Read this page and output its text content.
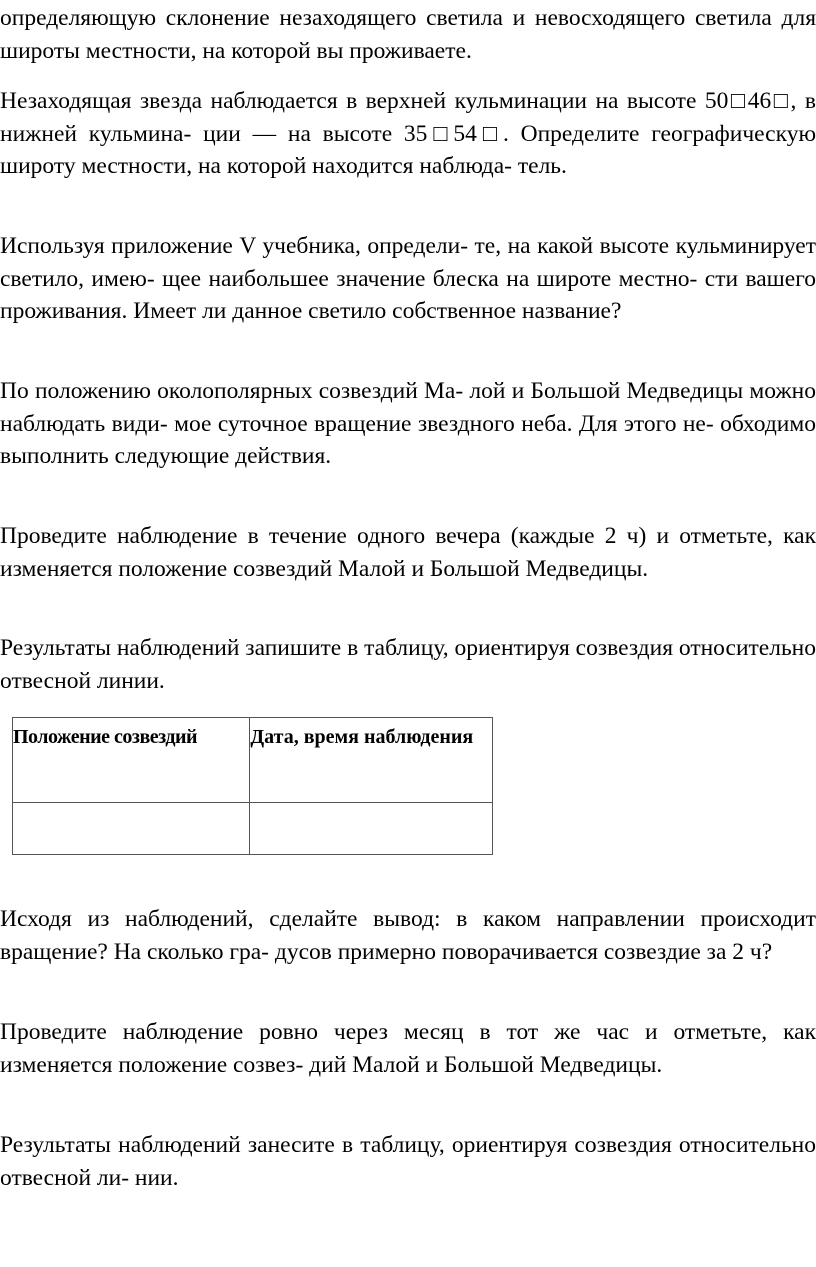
определяющую склонение незаходящего светила и невосходящего светила для широты местности, на которой вы проживаете.

Незаходящая звезда наблюдается в верхней кульминации на высоте 50□46□, в нижней кульмина- ции — на высоте 35□54□. Определите географическую широту местности, на которой находится наблюда- тель.

Используя приложение V учебника, определи- те, на какой высоте кульминирует светило, имею- щее наибольшее значение блеска на широте местно- сти вашего проживания. Имеет ли данное светило собственное название?

По положению околополярных созвездий Ма- лой и Большой Медведицы можно наблюдать види- мое суточное вращение звездного неба. Для этого не- обходимо выполнить следующие действия.

Проведите наблюдение в течение одного вечера (каждые 2 ч) и отметьте, как изменяется положение созвездий Малой и Большой Медведицы.

Результаты наблюдений запишите в таблицу, ориентируя созвездия относительно отвесной линии.

Положение созвездий	Дата, время наблюдения

Исходя из наблюдений, сделайте вывод: в каком направлении происходит вращение? На сколько гра- дусов примерно поворачивается созвездие за 2 ч?

Проведите наблюдение ровно через месяц в тот же час и отметьте, как изменяется положение созвез- дий Малой и Большой Медведицы.

Результаты наблюдений занесите в таблицу, ориентируя созвездия относительно отвесной ли- нии.
